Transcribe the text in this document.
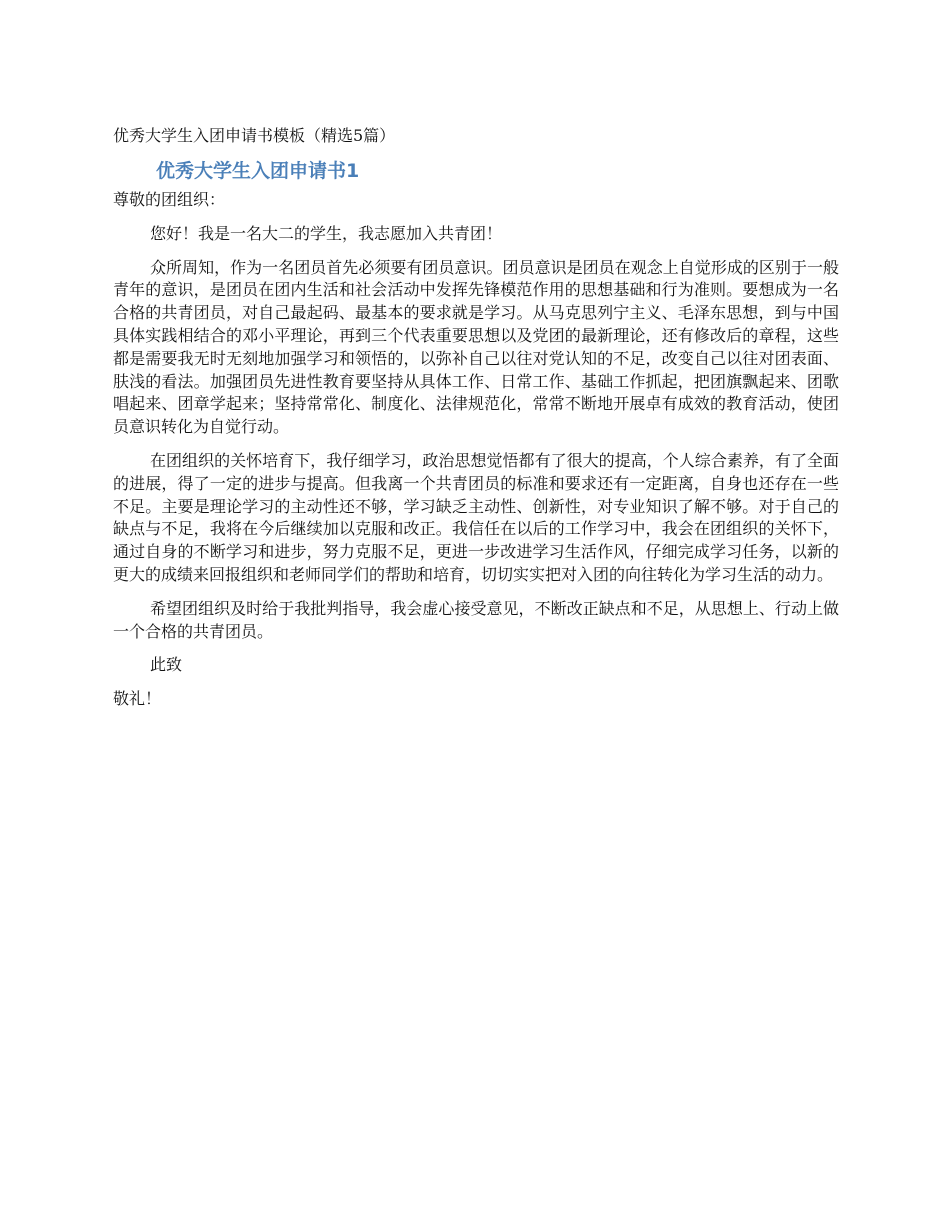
优秀大学生入团申请书模板（精选5篇）
优秀大学生入团申请书1
尊敬的团组织：
您好！我是一名大二的学生，我志愿加入共青团！
众所周知，作为一名团员首先必须要有团员意识。团员意识是团员在观念上自觉形成的区别于一般青年的意识，是团员在团内生活和社会活动中发挥先锋模范作用的思想基础和行为准则。要想成为一名合格的共青团员，对自己最起码、最基本的要求就是学习。从马克思列宁主义、毛泽东思想，到与中国具体实践相结合的邓小平理论，再到三个代表重要思想以及党团的最新理论，还有修改后的章程，这些都是需要我无时无刻地加强学习和领悟的，以弥补自己以往对党认知的不足，改变自己以往对团表面、肤浅的看法。加强团员先进性教育要坚持从具体工作、日常工作、基础工作抓起，把团旗飘起来、团歌唱起来、团章学起来；坚持常常化、制度化、法律规范化，常常不断地开展卓有成效的教育活动，使团员意识转化为自觉行动。
在团组织的关怀培育下，我仔细学习，政治思想觉悟都有了很大的提高，个人综合素养，有了全面的进展，得了一定的进步与提高。但我离一个共青团员的标准和要求还有一定距离，自身也还存在一些不足。主要是理论学习的主动性还不够，学习缺乏主动性、创新性，对专业知识了解不够。对于自己的缺点与不足，我将在今后继续加以克服和改正。我信任在以后的工作学习中，我会在团组织的关怀下，通过自身的不断学习和进步，努力克服不足，更进一步改进学习生活作风，仔细完成学习任务，以新的更大的成绩来回报组织和老师同学们的帮助和培育，切切实实把对入团的向往转化为学习生活的动力。
希望团组织及时给于我批判指导，我会虚心接受意见，不断改正缺点和不足，从思想上、行动上做一个合格的共青团员。
此致
敬礼！
